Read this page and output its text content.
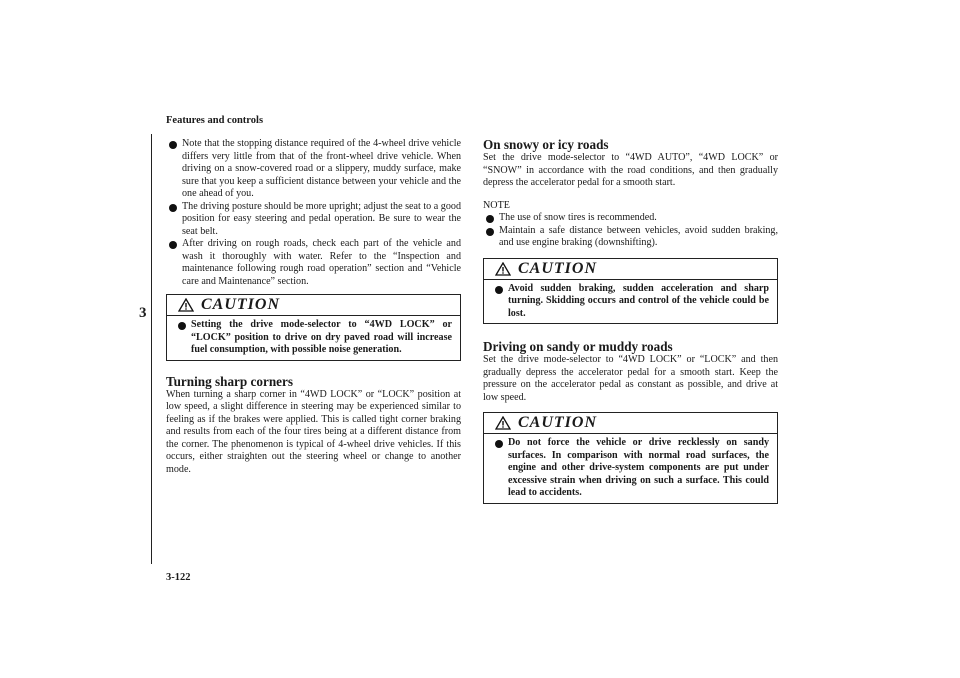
Features and controls
3
Note that the stopping distance required of the 4-wheel drive vehicle differs very little from that of the front-wheel drive vehicle. When driving on a snow-covered road or a slippery, muddy surface, make sure that you keep a sufficient distance between your vehicle and the one ahead of you.
The driving posture should be more upright; adjust the seat to a good position for easy steering and pedal operation. Be sure to wear the seat belt.
After driving on rough roads, check each part of the vehicle and wash it thoroughly with water. Refer to the “Inspection and maintenance following rough road operation” section and “Vehicle care and Maintenance” section.
CAUTION
Setting the drive mode-selector to “4WD LOCK” or “LOCK” position to drive on dry paved road will increase fuel consumption, with possible noise generation.
Turning sharp corners

When turning a sharp corner in “4WD LOCK” or “LOCK” position at low speed, a slight difference in steering may be experienced similar to feeling as if the brakes were applied. This is called tight corner braking and results from each of the four tires being at a different distance from the corner. The phenomenon is typical of 4-wheel drive vehicles. If this occurs, either straighten out the steering wheel or change to another mode.

On snowy or icy roads

Set the drive mode-selector to “4WD AUTO”, “4WD LOCK” or “SNOW” in accordance with the road conditions, and then gradually depress the accelerator pedal for a smooth start.

NOTE
The use of snow tires is recommended.
Maintain a safe distance between vehicles, avoid sudden braking, and use engine braking (downshifting).
CAUTION
Avoid sudden braking, sudden acceleration and sharp turning. Skidding occurs and control of the vehicle could be lost.
Driving on sandy or muddy roads

Set the drive mode-selector to “4WD LOCK” or “LOCK” and then gradually depress the accelerator pedal for a smooth start. Keep the pressure on the accelerator pedal as constant as possible, and drive at low speed.

CAUTION
Do not force the vehicle or drive recklessly on sandy surfaces. In comparison with normal road surfaces, the engine and other drive-system components are put under excessive strain when driving on such a surface. This could lead to accidents.
3-122
